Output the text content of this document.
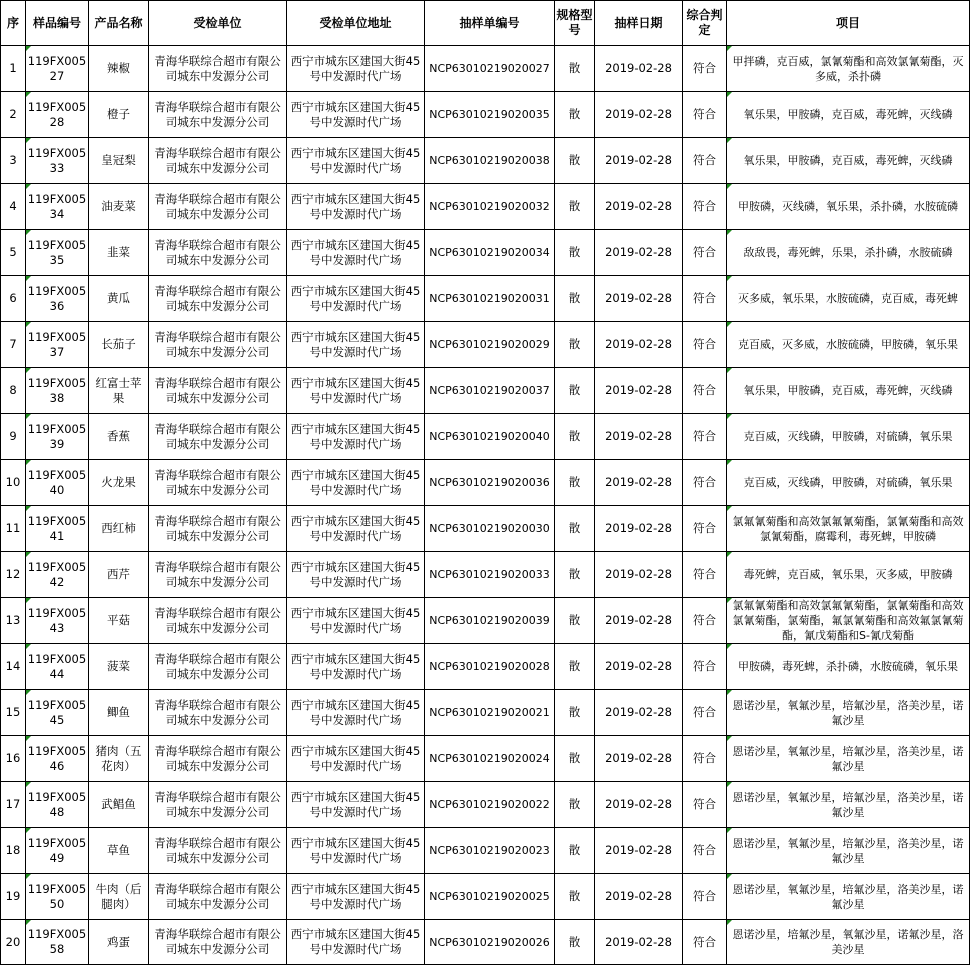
序	样品编号	产品名称	受检单位	受检单位地址	抽样单编号	规格型号	抽样日期	综合判定	项目
1	119FX00527	辣椒	青海华联综合超市有限公司城东中发源分公司	西宁市城东区建国大街45号中发源时代广场	NCP63010219020027	散	2019-02-28	符合	甲拌磷，克百威，氯氰菊酯和高效氯氰菊酯，灭多威，杀扑磷
2	119FX00528	橙子	青海华联综合超市有限公司城东中发源分公司	西宁市城东区建国大街45号中发源时代广场	NCP63010219020035	散	2019-02-28	符合	氧乐果，甲胺磷，克百威，毒死蜱，灭线磷
3	119FX00533	皇冠梨	青海华联综合超市有限公司城东中发源分公司	西宁市城东区建国大街45号中发源时代广场	NCP63010219020038	散	2019-02-28	符合	氧乐果，甲胺磷，克百威，毒死蜱，灭线磷
4	119FX00534	油麦菜	青海华联综合超市有限公司城东中发源分公司	西宁市城东区建国大街45号中发源时代广场	NCP63010219020032	散	2019-02-28	符合	甲胺磷，灭线磷，氧乐果，杀扑磷，水胺硫磷
5	119FX00535	韭菜	青海华联综合超市有限公司城东中发源分公司	西宁市城东区建国大街45号中发源时代广场	NCP63010219020034	散	2019-02-28	符合	敌敌畏，毒死蜱，乐果，杀扑磷，水胺硫磷
6	119FX00536	黄瓜	青海华联综合超市有限公司城东中发源分公司	西宁市城东区建国大街45号中发源时代广场	NCP63010219020031	散	2019-02-28	符合	灭多威，氧乐果，水胺硫磷，克百威，毒死蜱
7	119FX00537	长茄子	青海华联综合超市有限公司城东中发源分公司	西宁市城东区建国大街45号中发源时代广场	NCP63010219020029	散	2019-02-28	符合	克百威，灭多威，水胺硫磷，甲胺磷，氧乐果
8	119FX00538	红富士苹果	青海华联综合超市有限公司城东中发源分公司	西宁市城东区建国大街45号中发源时代广场	NCP63010219020037	散	2019-02-28	符合	氧乐果，甲胺磷，克百威，毒死蜱，灭线磷
9	119FX00539	香蕉	青海华联综合超市有限公司城东中发源分公司	西宁市城东区建国大街45号中发源时代广场	NCP63010219020040	散	2019-02-28	符合	克百威，灭线磷，甲胺磷，对硫磷，氧乐果
10	119FX00540	火龙果	青海华联综合超市有限公司城东中发源分公司	西宁市城东区建国大街45号中发源时代广场	NCP63010219020036	散	2019-02-28	符合	克百威，灭线磷，甲胺磷，对硫磷，氧乐果
11	119FX00541	西红柿	青海华联综合超市有限公司城东中发源分公司	西宁市城东区建国大街45号中发源时代广场	NCP63010219020030	散	2019-02-28	符合	氯氟氰菊酯和高效氯氟氰菊酯，氯氰菊酯和高效氯氰菊酯，腐霉利，毒死蜱，甲胺磷
12	119FX00542	西芹	青海华联综合超市有限公司城东中发源分公司	西宁市城东区建国大街45号中发源时代广场	NCP63010219020033	散	2019-02-28	符合	毒死蜱，克百威，氧乐果，灭多威，甲胺磷
13	119FX00543	平菇	青海华联综合超市有限公司城东中发源分公司	西宁市城东区建国大街45号中发源时代广场	NCP63010219020039	散	2019-02-28	符合	氯氟氰菊酯和高效氯氟氰菊酯，氯氰菊酯和高效氯氰菊酯，氯菊酯，氟氯氰菊酯和高效氟氯氰菊酯，氰戊菊酯和S-氰戊菊酯
14	119FX00544	菠菜	青海华联综合超市有限公司城东中发源分公司	西宁市城东区建国大街45号中发源时代广场	NCP63010219020028	散	2019-02-28	符合	甲胺磷，毒死蜱，杀扑磷，水胺硫磷，氧乐果
15	119FX00545	鲫鱼	青海华联综合超市有限公司城东中发源分公司	西宁市城东区建国大街45号中发源时代广场	NCP63010219020021	散	2019-02-28	符合	恩诺沙星，氧氟沙星，培氟沙星，洛美沙星，诺氟沙星
16	119FX00546	猪肉（五花肉）	青海华联综合超市有限公司城东中发源分公司	西宁市城东区建国大街45号中发源时代广场	NCP63010219020024	散	2019-02-28	符合	恩诺沙星，氧氟沙星，培氟沙星，洛美沙星，诺氟沙星
17	119FX00548	武鲳鱼	青海华联综合超市有限公司城东中发源分公司	西宁市城东区建国大街45号中发源时代广场	NCP63010219020022	散	2019-02-28	符合	恩诺沙星，氧氟沙星，培氟沙星，洛美沙星，诺氟沙星
18	119FX00549	草鱼	青海华联综合超市有限公司城东中发源分公司	西宁市城东区建国大街45号中发源时代广场	NCP63010219020023	散	2019-02-28	符合	恩诺沙星，氧氟沙星，培氟沙星，洛美沙星，诺氟沙星
19	119FX00550	牛肉（后腿肉）	青海华联综合超市有限公司城东中发源分公司	西宁市城东区建国大街45号中发源时代广场	NCP63010219020025	散	2019-02-28	符合	恩诺沙星，氧氟沙星，培氟沙星，洛美沙星，诺氟沙星
20	119FX00558	鸡蛋	青海华联综合超市有限公司城东中发源分公司	西宁市城东区建国大街45号中发源时代广场	NCP63010219020026	散	2019-02-28	符合	恩诺沙星，培氟沙星，氧氟沙星，诺氟沙星，洛美沙星
